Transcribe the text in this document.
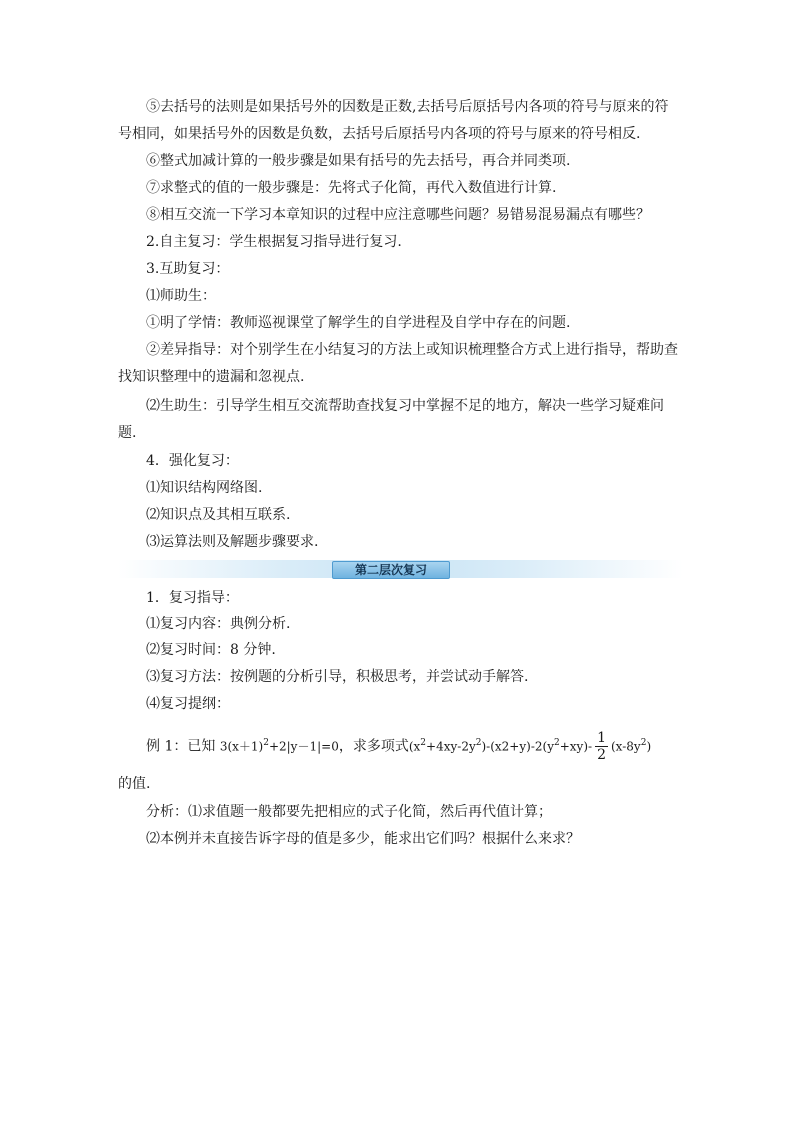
⑤去括号的法则是如果括号外的因数是正数,去括号后原括号内各项的符号与原来的符
号相同，如果括号外的因数是负数，去括号后原括号内各项的符号与原来的符号相反.
⑥整式加减计算的一般步骤是如果有括号的先去括号，再合并同类项.
⑦求整式的值的一般步骤是：先将式子化简，再代入数值进行计算.
⑧相互交流一下学习本章知识的过程中应注意哪些问题？易错易混易漏点有哪些？
2.自主复习：学生根据复习指导进行复习.
3.互助复习：
⑴师助生：
①明了学情：教师巡视课堂了解学生的自学进程及自学中存在的问题.
②差异指导：对个别学生在小结复习的方法上或知识梳理整合方式上进行指导，帮助查
找知识整理中的遗漏和忽视点.
⑵生助生：引导学生相互交流帮助查找复习中掌握不足的地方，解决一些学习疑难问
题.
4．强化复习：
⑴知识结构网络图.
⑵知识点及其相互联系.
⑶运算法则及解题步骤要求.
第二层次复习
1．复习指导：
⑴复习内容：典例分析.
⑵复习时间：8 分钟.
⑶复习方法：按例题的分析引导，积极思考，并尝试动手解答.
⑷复习提纲：
例 1：已知 $3(x+1)^2+2|y-1|=0$，求多项式$(x^2+4xy-2y^2)-(x2+y)-2(y^2+xy)- \frac{1}{2} (x-8y^2)$
的值.
分析：⑴求值题一般都要先把相应的式子化简，然后再代值计算；
⑵本例并未直接告诉字母的值是多少，能求出它们吗？根据什么来求？
